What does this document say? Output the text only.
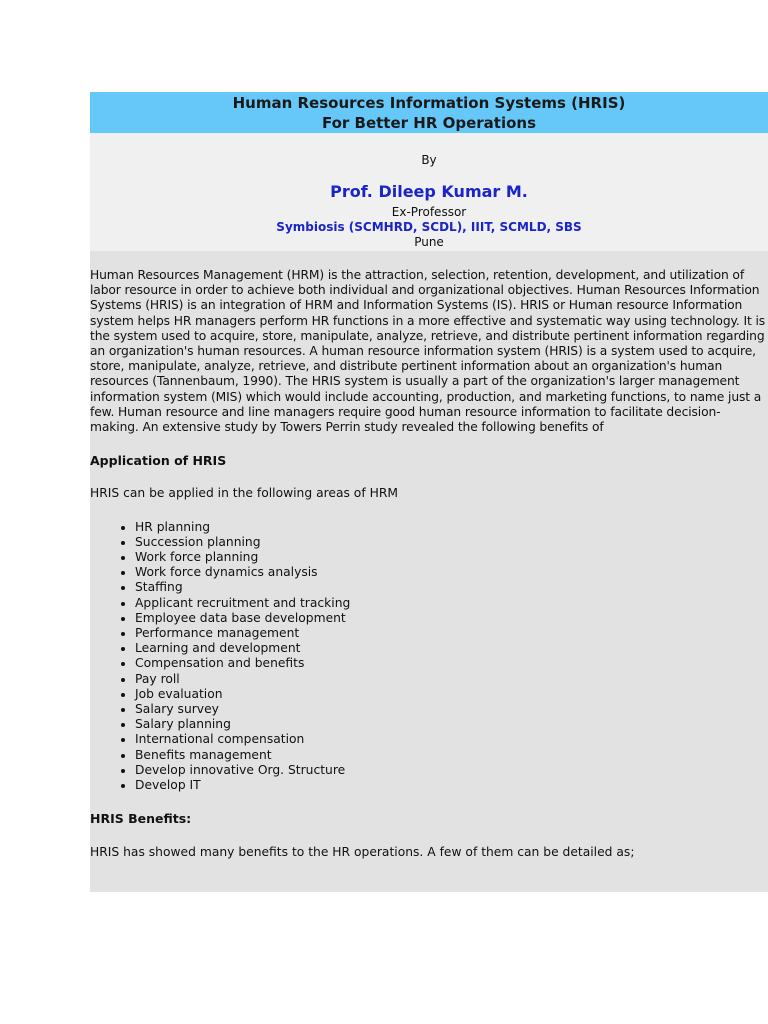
Human Resources Information Systems (HRIS)
For Better HR Operations
By
Prof. Dileep Kumar M.
Ex-Professor
Symbiosis (SCMHRD, SCDL), IIIT, SCMLD, SBS
Pune

Human Resources Management (HRM) is the attraction, selection, retention, development, and utilization of labor resource in order to achieve both individual and organizational objectives. Human Resources Information Systems (HRIS) is an integration of HRM and Information Systems (IS). HRIS or Human resource Information system helps HR managers perform HR functions in a more effective and systematic way using technology. It is the system used to acquire, store, manipulate, analyze, retrieve, and distribute pertinent information regarding an organization's human resources. A human resource information system (HRIS) is a system used to acquire, store, manipulate, analyze, retrieve, and distribute pertinent information about an organization's human resources (Tannenbaum, 1990). The HRIS system is usually a part of the organization's larger management information system (MIS) which would include accounting, production, and marketing functions, to name just a few. Human resource and line managers require good human resource information to facilitate decision-making. An extensive study by Towers Perrin study revealed the following benefits of

Application of HRIS

HRIS can be applied in the following areas of HRM

• HR planning
• Succession planning
• Work force planning
• Work force dynamics analysis
• Staffing
• Applicant recruitment and tracking
• Employee data base development
• Performance management
• Learning and development
• Compensation and benefits
• Pay roll
• Job evaluation
• Salary survey
• Salary planning
• International compensation
• Benefits management
• Develop innovative Org. Structure
• Develop IT

HRIS Benefits:

HRIS has showed many benefits to the HR operations. A few of them can be detailed as;
